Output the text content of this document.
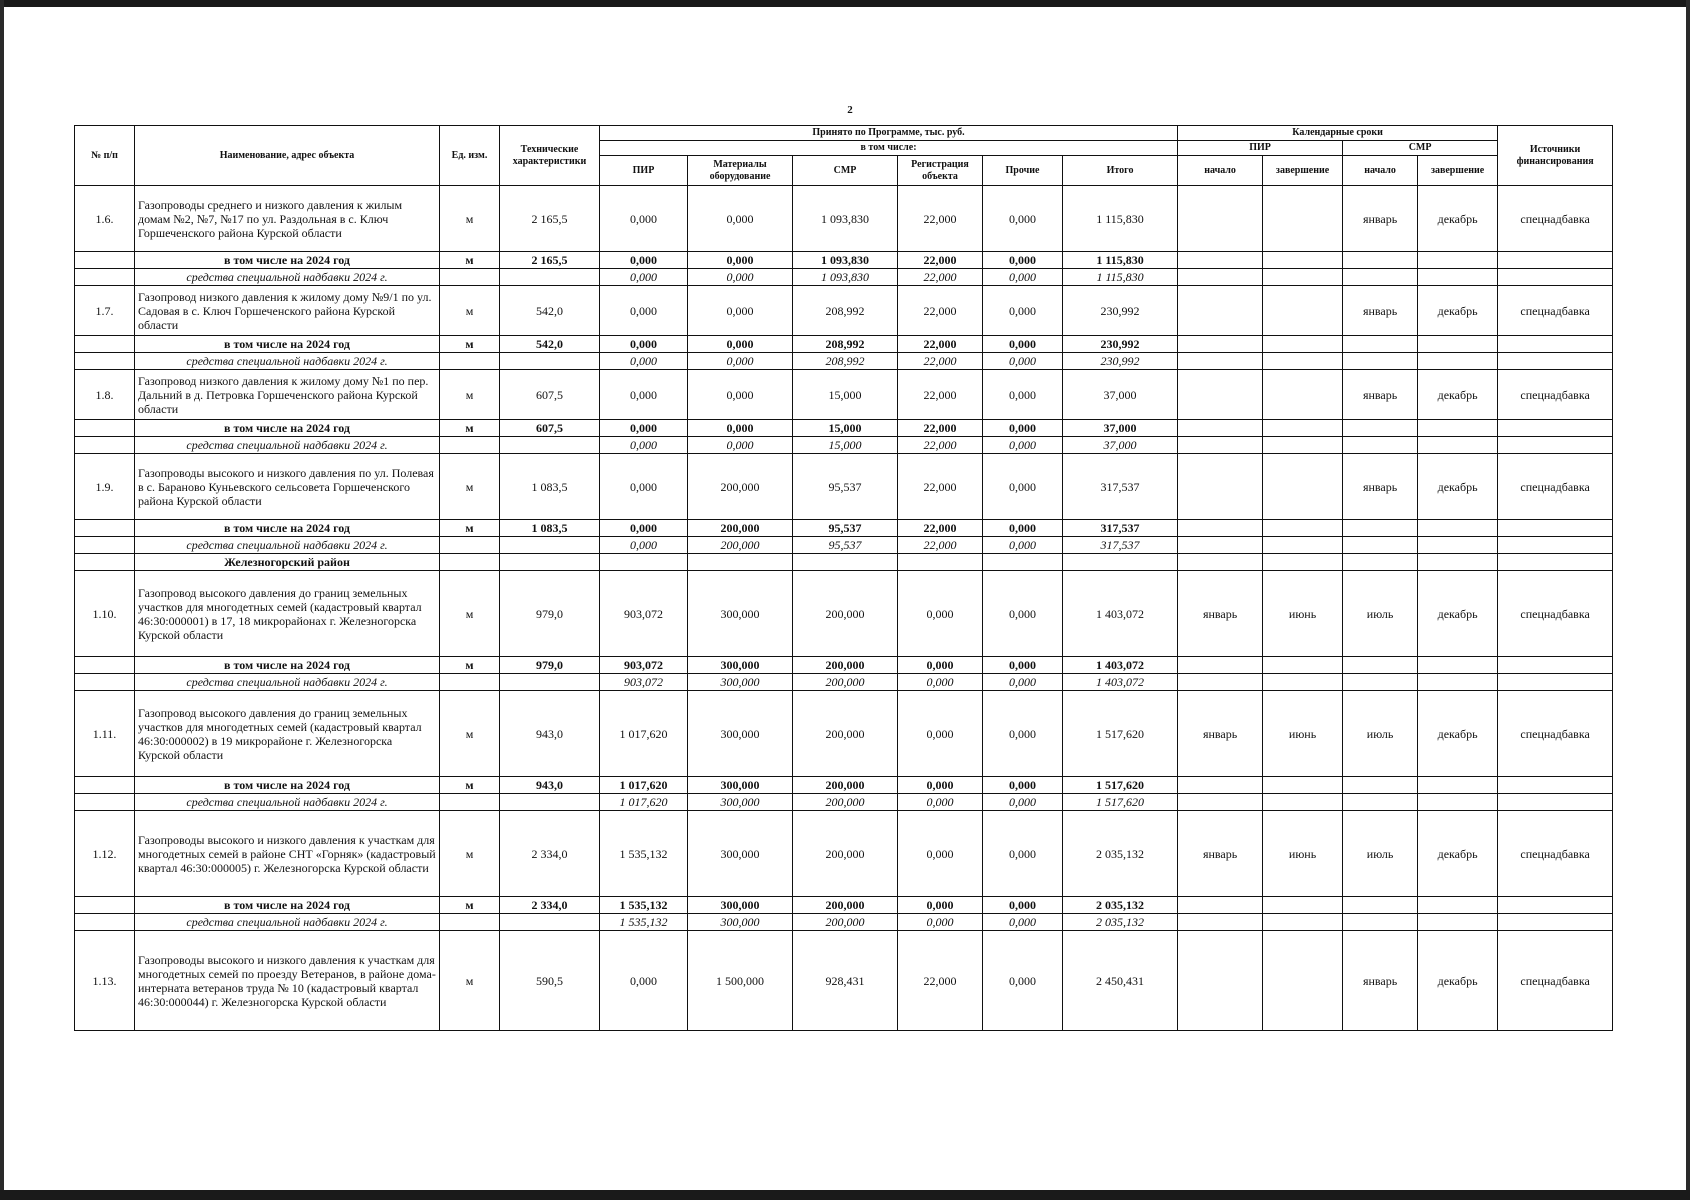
2
№ п/п	Наименование, адрес объекта	Ед. изм.	Технические характеристики	Принято по Программе, тыс. руб.						Календарные сроки				Источники финансирования
				в том числе:						ПИР		СМР		
				ПИР	Материалы оборудование	СМР	Регистрация объекта	Прочие	Итого	начало	завершение	начало	завершение	
1.6.	Газопроводы среднего и низкого давления к жилым домам №2, №7, №17 по ул. Раздольная в с. Ключ Горшеченского района Курской области	м	2 165,5	0,000	0,000	1 093,830	22,000	0,000	1 115,830			январь	декабрь	спецнадбавка
	в том числе на 2024 год	м	2 165,5	0,000	0,000	1 093,830	22,000	0,000	1 115,830					
	средства специальной надбавки 2024 г.			0,000	0,000	1 093,830	22,000	0,000	1 115,830					
1.7.	Газопровод низкого давления к жилому дому №9/1 по ул. Садовая в с. Ключ Горшеченского района Курской области	м	542,0	0,000	0,000	208,992	22,000	0,000	230,992			январь	декабрь	спецнадбавка
	в том числе на 2024 год	м	542,0	0,000	0,000	208,992	22,000	0,000	230,992					
	средства специальной надбавки 2024 г.			0,000	0,000	208,992	22,000	0,000	230,992					
1.8.	Газопровод низкого давления к жилому дому №1 по пер. Дальний в д. Петровка Горшеченского района Курской области	м	607,5	0,000	0,000	15,000	22,000	0,000	37,000			январь	декабрь	спецнадбавка
	в том числе на 2024 год	м	607,5	0,000	0,000	15,000	22,000	0,000	37,000					
	средства специальной надбавки 2024 г.			0,000	0,000	15,000	22,000	0,000	37,000					
1.9.	Газопроводы высокого и низкого давления по ул. Полевая в с. Бараново Куньевского сельсовета Горшеченского района Курской области	м	1 083,5	0,000	200,000	95,537	22,000	0,000	317,537			январь	декабрь	спецнадбавка
	в том числе на 2024 год	м	1 083,5	0,000	200,000	95,537	22,000	0,000	317,537					
	средства специальной надбавки 2024 г.			0,000	200,000	95,537	22,000	0,000	317,537					
	Железногорский район													
1.10.	Газопровод высокого давления до границ земельных участков для многодетных семей (кадастровый квартал 46:30:000001) в 17, 18 микрорайонах г. Железногорска Курской области	м	979,0	903,072	300,000	200,000	0,000	0,000	1 403,072	январь	июнь	июль	декабрь	спецнадбавка
	в том числе на 2024 год	м	979,0	903,072	300,000	200,000	0,000	0,000	1 403,072					
	средства специальной надбавки 2024 г.			903,072	300,000	200,000	0,000	0,000	1 403,072					
1.11.	Газопровод высокого давления до границ земельных участков для многодетных семей (кадастровый квартал 46:30:000002) в 19 микрорайоне г. Железногорска Курской области	м	943,0	1 017,620	300,000	200,000	0,000	0,000	1 517,620	январь	июнь	июль	декабрь	спецнадбавка
	в том числе на 2024 год	м	943,0	1 017,620	300,000	200,000	0,000	0,000	1 517,620					
	средства специальной надбавки 2024 г.			1 017,620	300,000	200,000	0,000	0,000	1 517,620					
1.12.	Газопроводы высокого и низкого давления к участкам для многодетных семей в районе СНТ «Горняк» (кадастровый квартал 46:30:000005) г. Железногорска Курской области	м	2 334,0	1 535,132	300,000	200,000	0,000	0,000	2 035,132	январь	июнь	июль	декабрь	спецнадбавка
	в том числе на 2024 год	м	2 334,0	1 535,132	300,000	200,000	0,000	0,000	2 035,132					
	средства специальной надбавки 2024 г.			1 535,132	300,000	200,000	0,000	0,000	2 035,132					
1.13.	Газопроводы высокого и низкого давления к участкам для многодетных семей по проезду Ветеранов, в районе дома-интерната ветеранов труда № 10 (кадастровый квартал 46:30:000044) г. Железногорска Курской области	м	590,5	0,000	1 500,000	928,431	22,000	0,000	2 450,431			январь	декабрь	спецнадбавка
